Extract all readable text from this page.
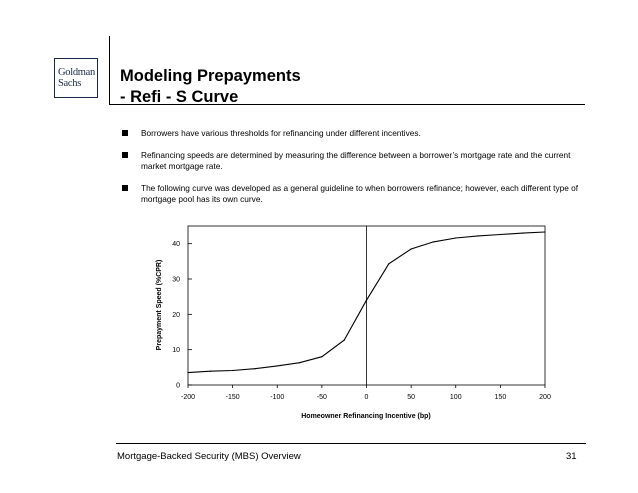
Goldman
Sachs Modeling Prepayments
- Refi - S Curve
Borrowers have various thresholds for refinancing under different incentives.
Refinancing speeds are determined by measuring the difference between a borrower’s mortgage rate and the current market mortgage rate.
The following curve was developed as a general guideline to when borrowers refinance; however, each different type of mortgage pool has its own curve.
0
10
20
30
40
-200	-150	-100	-50	0	50	100	150	200
Prepayment Speed (%CPR)
Homeowner Refinancing Incentive (bp)
Mortgage-Backed Security (MBS) Overview	31
